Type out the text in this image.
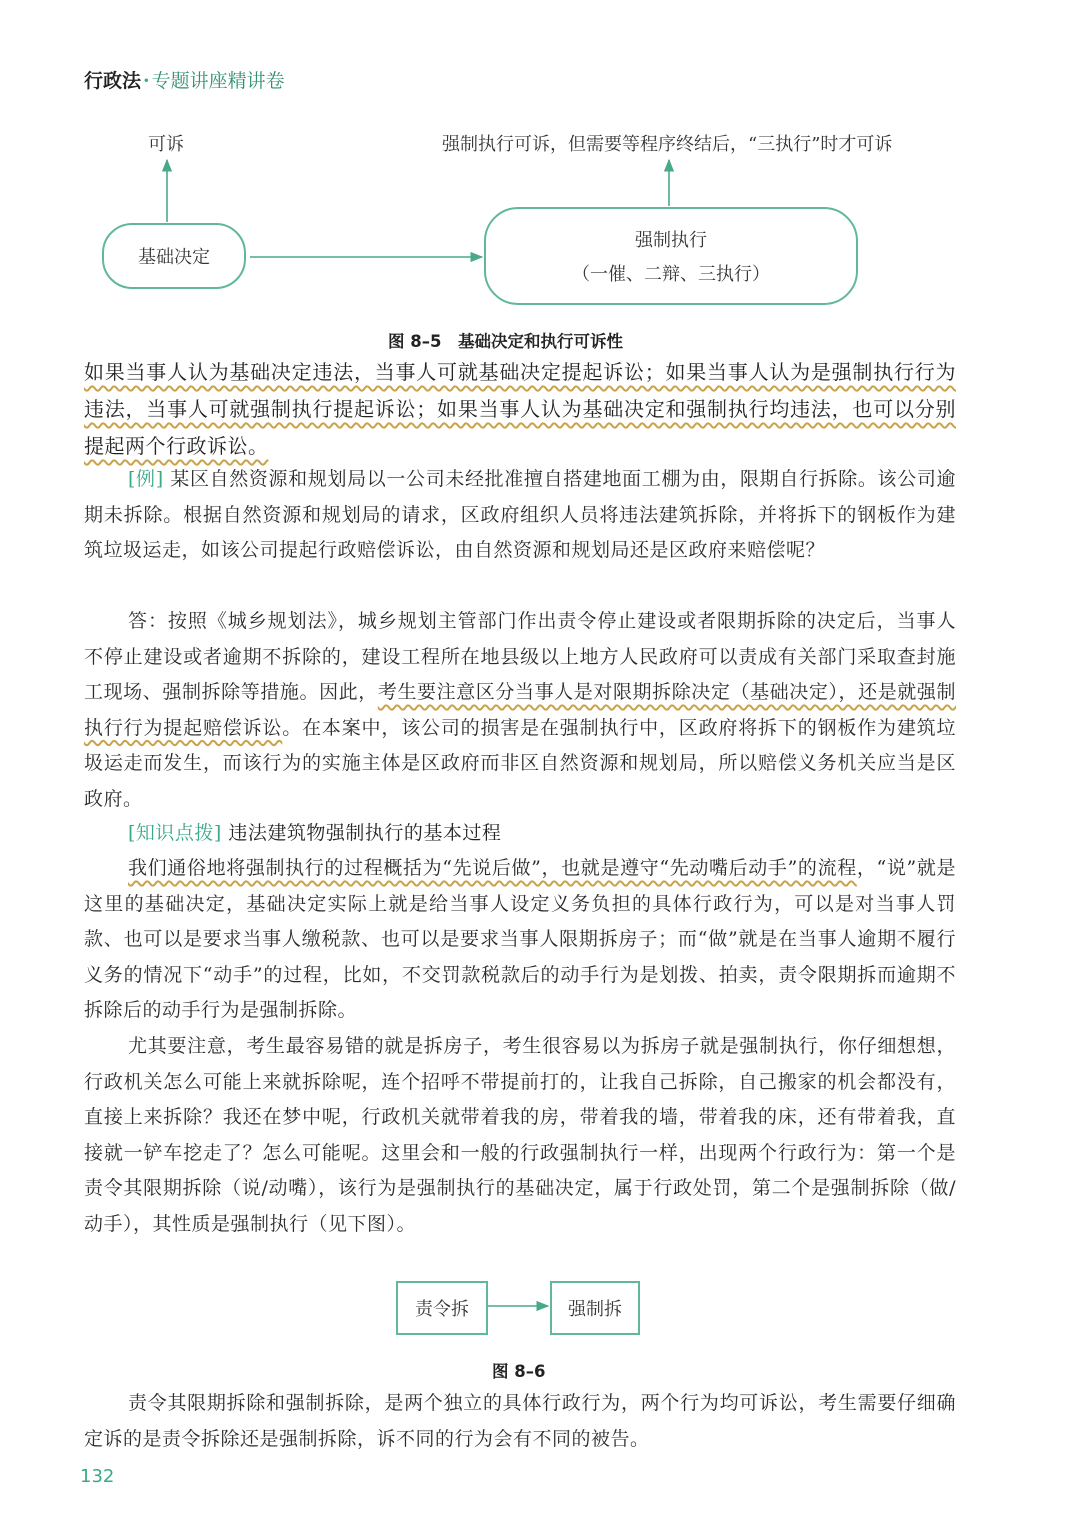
行政法 · 专题讲座精讲卷
可诉	强制执行可诉，但需要等程序终结后，“三执行”时才可诉
基础决定
强制执行
（一催、二辩、三执行）
图 8–5　基础决定和执行可诉性
如果当事人认为基础决定违法，当事人可就基础决定提起诉讼；如果当事人认为是强制执行行为违法，当事人可就强制执行提起诉讼；如果当事人认为基础决定和强制执行均违法，也可以分别提起两个行政诉讼。
[例] 某区自然资源和规划局以一公司未经批准擅自搭建地面工棚为由，限期自行拆除。该公司逾期未拆除。根据自然资源和规划局的请求，区政府组织人员将违法建筑拆除，并将拆下的钢板作为建筑垃圾运走，如该公司提起行政赔偿诉讼，由自然资源和规划局还是区政府来赔偿呢？
答：按照《城乡规划法》，城乡规划主管部门作出责令停止建设或者限期拆除的决定后，当事人不停止建设或者逾期不拆除的，建设工程所在地县级以上地方人民政府可以责成有关部门采取查封施工现场、强制拆除等措施。因此，考生要注意区分当事人是对限期拆除决定（基础决定），还是就强制执行行为提起赔偿诉讼。在本案中，该公司的损害是在强制执行中，区政府将拆下的钢板作为建筑垃圾运走而发生，而该行为的实施主体是区政府而非区自然资源和规划局，所以赔偿义务机关应当是区政府。
[知识点拨] 违法建筑物强制执行的基本过程
我们通俗地将强制执行的过程概括为“先说后做”，也就是遵守“先动嘴后动手”的流程，“说”就是这里的基础决定，基础决定实际上就是给当事人设定义务负担的具体行政行为，可以是对当事人罚款、也可以是要求当事人缴税款、也可以是要求当事人限期拆房子；而“做”就是在当事人逾期不履行义务的情况下“动手”的过程，比如，不交罚款税款后的动手行为是划拨、拍卖，责令限期拆而逾期不拆除后的动手行为是强制拆除。
尤其要注意，考生最容易错的就是拆房子，考生很容易以为拆房子就是强制执行，你仔细想想，行政机关怎么可能上来就拆除呢，连个招呼不带提前打的，让我自己拆除，自己搬家的机会都没有，直接上来拆除？我还在梦中呢，行政机关就带着我的房，带着我的墙，带着我的床，还有带着我，直接就一铲车挖走了？怎么可能呢。这里会和一般的行政强制执行一样，出现两个行政行为：第一个是责令其限期拆除（说/动嘴），该行为是强制执行的基础决定，属于行政处罚，第二个是强制拆除（做/动手），其性质是强制执行（见下图）。
责令拆	强制拆
图 8–6
责令其限期拆除和强制拆除，是两个独立的具体行政行为，两个行为均可诉讼，考生需要仔细确定诉的是责令拆除还是强制拆除，诉不同的行为会有不同的被告。
132
